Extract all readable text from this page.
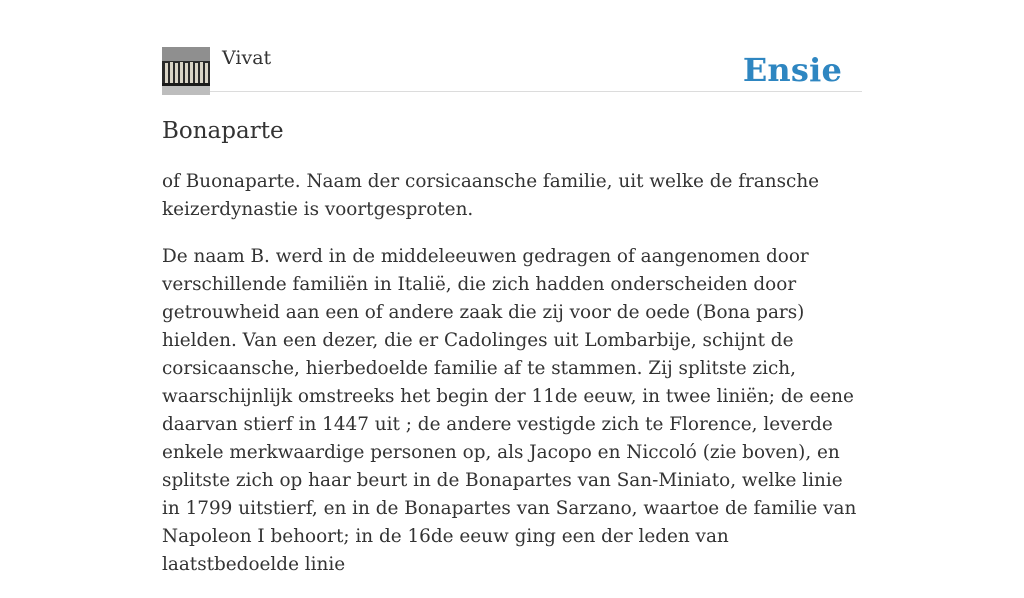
Vivat	Ensie
Bonaparte

of Buonaparte. Naam der corsicaansche familie, uit welke de fransche keizerdynastie is voortgesproten.

De naam B. werd in de middeleeuwen gedragen of aangenomen door verschillende familiën in Italië, die zich hadden onderscheiden door getrouwheid aan een of andere zaak die zij voor de oede (Bona pars) hielden. Van een dezer, die er Cadolinges uit Lombarbije, schijnt de corsicaansche, hierbedoelde familie af te stammen. Zij splitste zich, waarschijnlijk omstreeks het begin der 11de eeuw, in twee liniën; de eene daarvan stierf in 1447 uit ; de andere vestigde zich te Florence, leverde enkele merkwaardige personen op, als Jacopo en Niccoló (zie boven), en splitste zich op haar beurt in de Bonapartes van San-Miniato, welke linie in 1799 uitstierf, en in de Bonapartes van Sarzano, waartoe de familie van Napoleon I behoort; in de 16de eeuw ging een der leden van laatstbedoelde linie
